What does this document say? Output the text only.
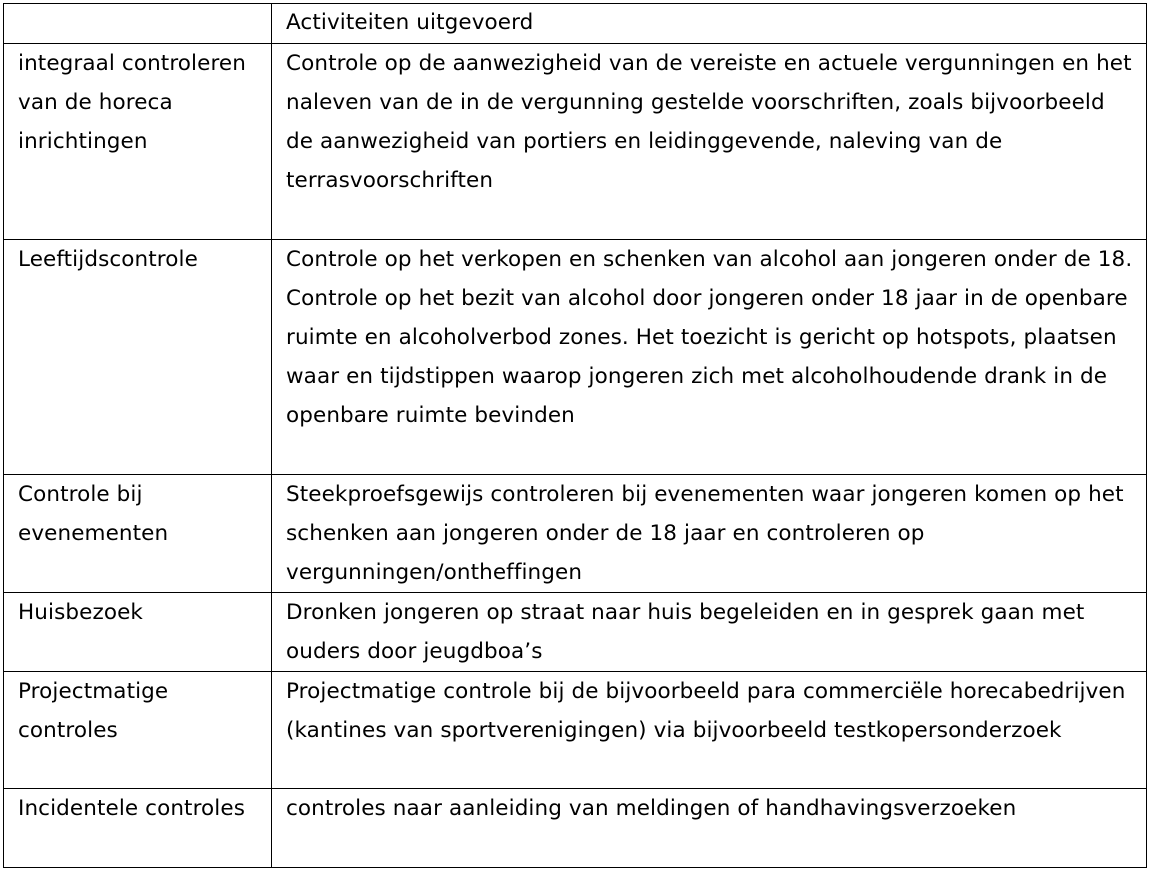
	Activiteiten uitgevoerd
integraal controleren van de horeca inrichtingen	Controle op de aanwezigheid van de vereiste en actuele vergunningen en het naleven van de in de vergunning gestelde voorschriften, zoals bijvoorbeeld de aanwezigheid van portiers en leidinggevende, naleving van de terrasvoorschriften
Leeftijdscontrole	Controle op het verkopen en schenken van alcohol aan jongeren onder de 18. Controle op het bezit van alcohol door jongeren onder 18 jaar in de openbare ruimte en alcoholverbod zones. Het toezicht is gericht op hotspots, plaatsen waar en tijdstippen waarop jongeren zich met alcoholhoudende drank in de openbare ruimte bevinden
Controle bij evenementen	Steekproefsgewijs controleren bij evenementen waar jongeren komen op het schenken aan jongeren onder de 18 jaar en controleren op vergunningen/ontheffingen
Huisbezoek	Dronken jongeren op straat naar huis begeleiden en in gesprek gaan met ouders door jeugdboa’s
Projectmatige controles	Projectmatige controle bij de bijvoorbeeld para commerciële horecabedrijven (kantines van sportverenigingen) via bijvoorbeeld testkopersonderzoek
Incidentele controles	controles naar aanleiding van meldingen of handhavingsverzoeken
